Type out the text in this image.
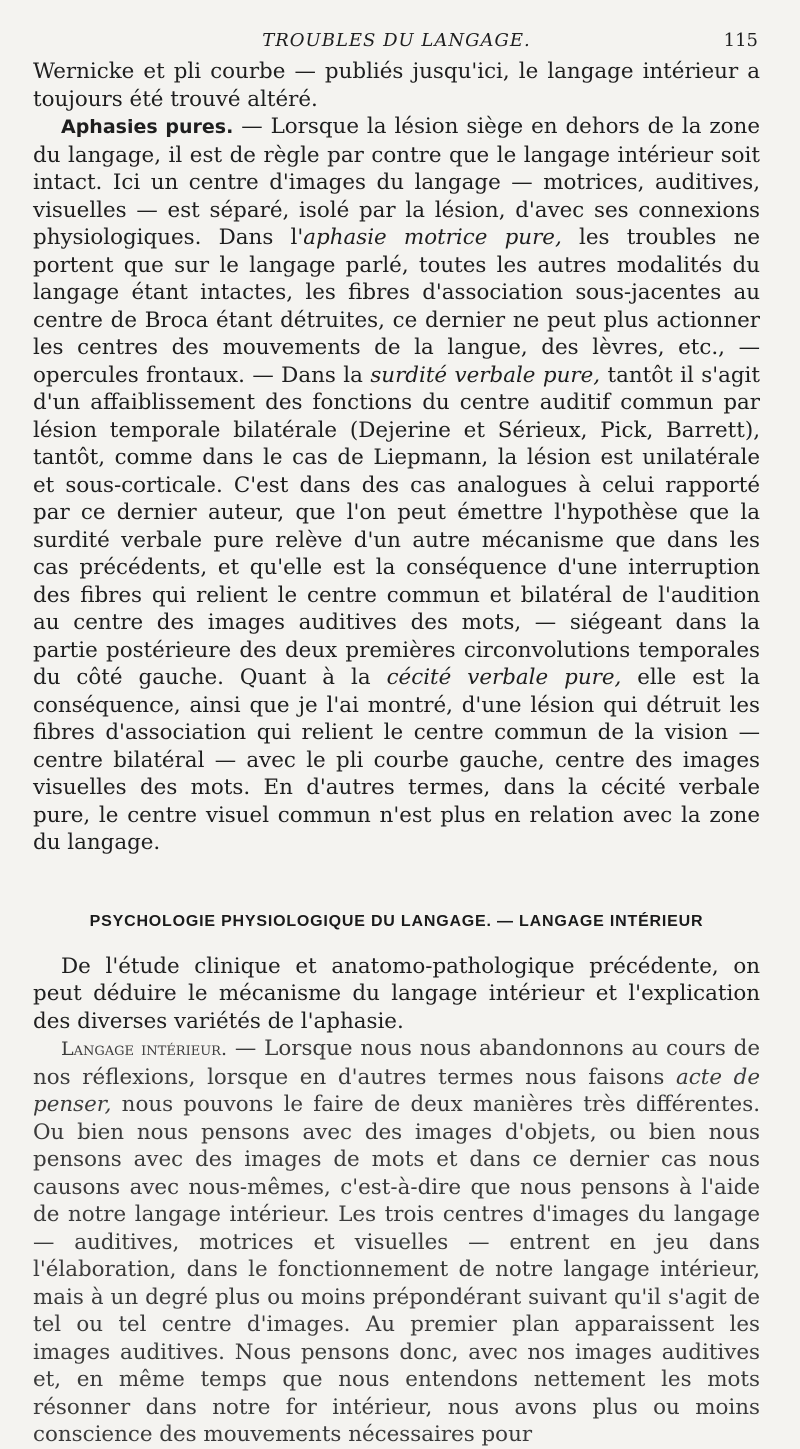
TROUBLES DU LANGAGE.	115

Wernicke et pli courbe — publiés jusqu'ici, le langage intérieur a toujours été trouvé altéré.

Aphasies pures. — Lorsque la lésion siège en dehors de la zone du langage, il est de règle par contre que le langage intérieur soit intact. Ici un centre d'images du langage — motrices, auditives, visuelles — est séparé, isolé par la lésion, d'avec ses connexions physiologiques. Dans l'aphasie motrice pure, les troubles ne portent que sur le langage parlé, toutes les autres modalités du langage étant intactes, les fibres d'association sous-jacentes au centre de Broca étant détruites, ce dernier ne peut plus actionner les centres des mouvements de la langue, des lèvres, etc., — opercules frontaux. — Dans la surdité verbale pure, tantôt il s'agit d'un affaiblissement des fonctions du centre auditif commun par lésion temporale bilatérale (Dejerine et Sérieux, Pick, Barrett), tantôt, comme dans le cas de Liepmann, la lésion est unilatérale et sous-corticale. C'est dans des cas analogues à celui rapporté par ce dernier auteur, que l'on peut émettre l'hypothèse que la surdité verbale pure relève d'un autre mécanisme que dans les cas précédents, et qu'elle est la conséquence d'une interruption des fibres qui relient le centre commun et bilatéral de l'audition au centre des images auditives des mots, — siégeant dans la partie postérieure des deux premières circonvolutions temporales du côté gauche. Quant à la cécité verbale pure, elle est la conséquence, ainsi que je l'ai montré, d'une lésion qui détruit les fibres d'association qui relient le centre commun de la vision — centre bilatéral — avec le pli courbe gauche, centre des images visuelles des mots. En d'autres termes, dans la cécité verbale pure, le centre visuel commun n'est plus en relation avec la zone du langage.

PSYCHOLOGIE PHYSIOLOGIQUE DU LANGAGE. — LANGAGE INTÉRIEUR

De l'étude clinique et anatomo-pathologique précédente, on peut déduire le mécanisme du langage intérieur et l'explication des diverses variétés de l'aphasie.

Langage intérieur. — Lorsque nous nous abandonnons au cours de nos réflexions, lorsque en d'autres termes nous faisons acte de penser, nous pouvons le faire de deux manières très différentes. Ou bien nous pensons avec des images d'objets, ou bien nous pensons avec des images de mots et dans ce dernier cas nous causons avec nous-mêmes, c'est-à-dire que nous pensons à l'aide de notre langage intérieur. Les trois centres d'images du langage — auditives, motrices et visuelles — entrent en jeu dans l'élaboration, dans le fonctionnement de notre langage intérieur, mais à un degré plus ou moins prépondérant suivant qu'il s'agit de tel ou tel centre d'images. Au premier plan apparaissent les images auditives. Nous pensons donc, avec nos images auditives et, en même temps que nous entendons nettement les mots résonner dans notre for intérieur, nous avons plus ou moins conscience des mouvements nécessaires pour
